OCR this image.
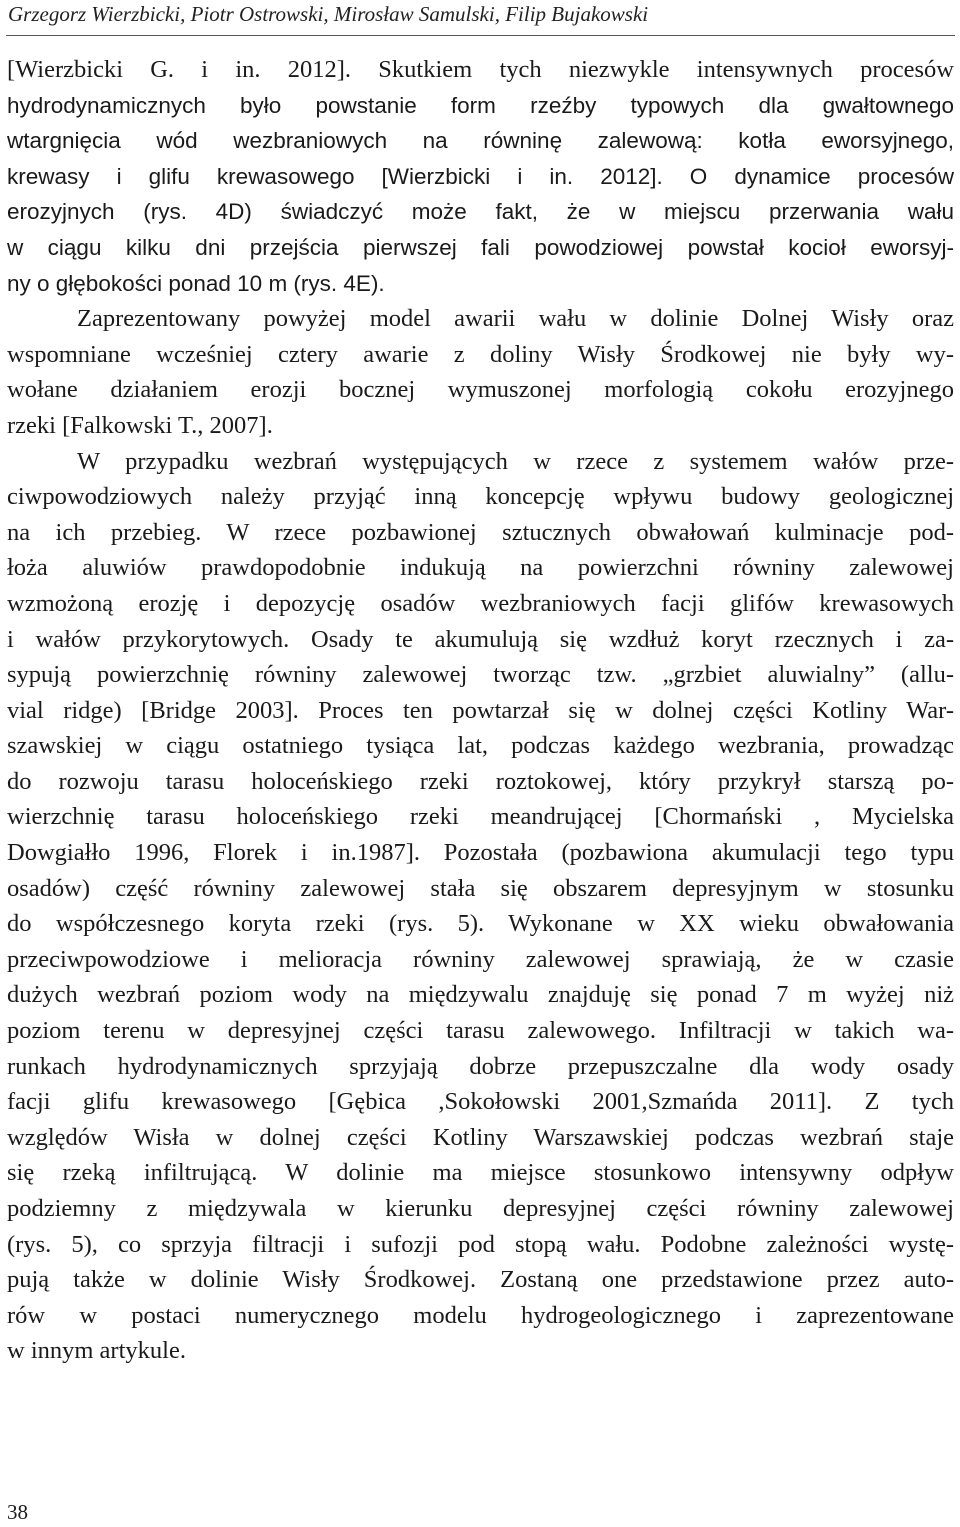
Grzegorz Wierzbicki, Piotr Ostrowski, Mirosław Samulski, Filip Bujakowski
[Wierzbicki G. i in. 2012]. Skutkiem tych niezwykle intensywnych procesów
hydrodynamicznych było powstanie form rzeźby typowych dla gwałtownego
wtargnięcia wód wezbraniowych na równinę zalewową: kotła eworsyjnego,
krewasy i glifu krewasowego [Wierzbicki i in. 2012]. O dynamice procesów
erozyjnych (rys. 4D) świadczyć może fakt, że w miejscu przerwania wału
w ciągu kilku dni przejścia pierwszej fali powodziowej powstał kocioł eworsyj-
ny o głębokości ponad 10 m (rys. 4E).
Zaprezentowany powyżej model awarii wału w dolinie Dolnej Wisły oraz
wspomniane wcześniej cztery awarie z doliny Wisły Środkowej nie były wy-
wołane działaniem erozji bocznej wymuszonej morfologią cokołu erozyjnego
rzeki [Falkowski T., 2007].
W przypadku wezbrań występujących w rzece z systemem wałów prze-
ciwpowodziowych należy przyjąć inną koncepcję wpływu budowy geologicznej
na ich przebieg. W rzece pozbawionej sztucznych obwałowań kulminacje pod-
łoża aluwiów prawdopodobnie indukują na powierzchni równiny zalewowej
wzmożoną erozję i depozycję osadów wezbraniowych facji glifów krewasowych
i wałów przykorytowych. Osady te akumulują się wzdłuż koryt rzecznych i za-
sypują powierzchnię równiny zalewowej tworząc tzw. „grzbiet aluwialny” (allu-
vial ridge) [Bridge 2003]. Proces ten powtarzał się w dolnej części Kotliny War-
szawskiej w ciągu ostatniego tysiąca lat, podczas każdego wezbrania, prowadząc
do rozwoju tarasu holoceńskiego rzeki roztokowej, który przykrył starszą po-
wierzchnię tarasu holoceńskiego rzeki meandrującej [Chormański , Mycielska
Dowgiałło 1996, Florek i in.1987]. Pozostała (pozbawiona akumulacji tego typu
osadów) część równiny zalewowej stała się obszarem depresyjnym w stosunku
do współczesnego koryta rzeki (rys. 5). Wykonane w XX wieku obwałowania
przeciwpowodziowe i melioracja równiny zalewowej sprawiają, że w czasie
dużych wezbrań poziom wody na międzywalu znajduję się ponad 7 m wyżej niż
poziom terenu w depresyjnej części tarasu zalewowego. Infiltracji w takich wa-
runkach hydrodynamicznych sprzyjają dobrze przepuszczalne dla wody osady
facji glifu krewasowego [Gębica ,Sokołowski 2001,Szmańda 2011]. Z tych
względów Wisła w dolnej części Kotliny Warszawskiej podczas wezbrań staje
się rzeką infiltrującą. W dolinie ma miejsce stosunkowo intensywny odpływ
podziemny z międzywala w kierunku depresyjnej części równiny zalewowej
(rys. 5), co sprzyja filtracji i sufozji pod stopą wału. Podobne zależności wystę-
pują także w dolinie Wisły Środkowej. Zostaną one przedstawione przez auto-
rów w postaci numerycznego modelu hydrogeologicznego i zaprezentowane
w innym artykule.
38
